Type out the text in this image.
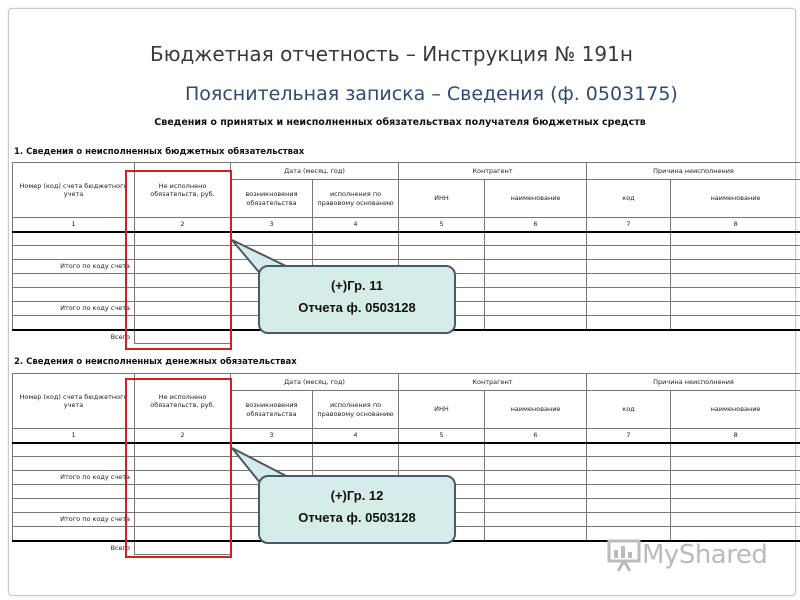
Бюджетная отчетность – Инструкция № 191н
Пояснительная записка – Сведения (ф. 0503175)
Сведения о принятых и неисполненных обязательствах получателя бюджетных средств
1. Сведения о неисполненных бюджетных обязательствах
Номер (код) счета бюджетного учета	Не исполнено обязательств, руб.	Дата (месяц, год)		Контрагент		Причина неисполнения	
		возникновения обязательства	исполнения по правовому основанию	ИНН	наименование	код	наименование
1	2	3	4	5	6	7	8

Итого по коду счета							

Итого по коду счета							

Всего							
2. Сведения о неисполненных денежных обязательствах
Номер (код) счета бюджетного учета	Не исполнено обязательств, руб.	Дата (месяц, год)		Контрагент		Причина неисполнения	
		возникновения обязательства	исполнения по правовому основанию	ИНН	наименование	код	наименование
1	2	3	4	5	6	7	8

Итого по коду счета							

Итого по коду счета							

Всего							
(+)Гр. 11
Отчета ф. 0503128
(+)Гр. 12
Отчета ф. 0503128
MyShared
